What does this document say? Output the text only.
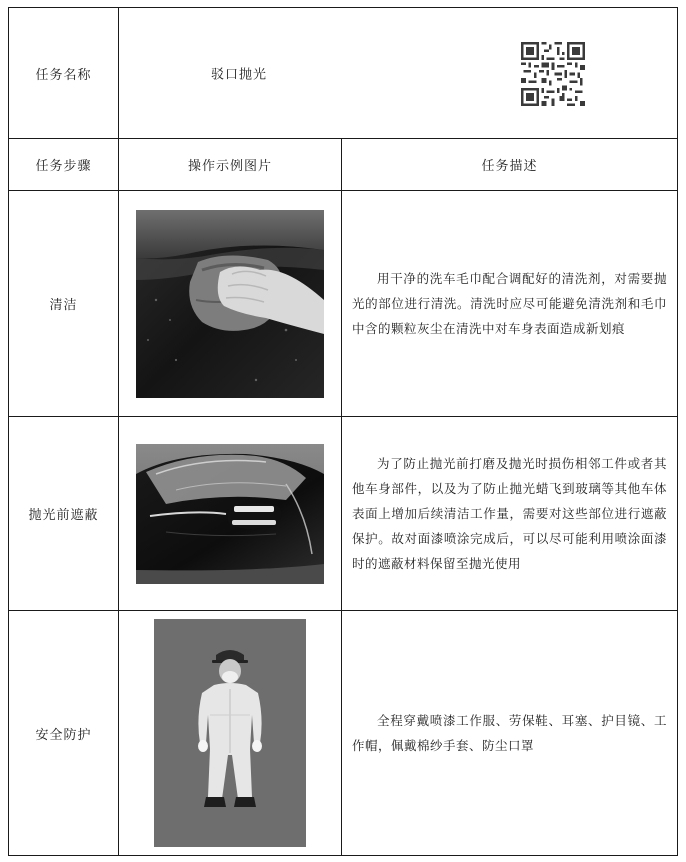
任务名称	驳口抛光	

任务步骤	操作示例图片	任务描述
清洁		用干净的洗车毛巾配合调配好的清洗剂，对需要抛光的部位进行清洗。清洗时应尽可能避免清洗剂和毛巾中含的颗粒灰尘在清洗中对车身表面造成新划痕

抛光前遮蔽		为了防止抛光前打磨及抛光时损伤相邻工件或者其他车身部件，以及为了防止抛光蜡飞到玻璃等其他车体表面上增加后续清洁工作量，需要对这些部位进行遮蔽保护。故对面漆喷涂完成后，可以尽可能利用喷涂面漆时的遮蔽材料保留至抛光使用

安全防护		全程穿戴喷漆工作服、劳保鞋、耳塞、护目镜、工作帽，佩戴棉纱手套、防尘口罩
